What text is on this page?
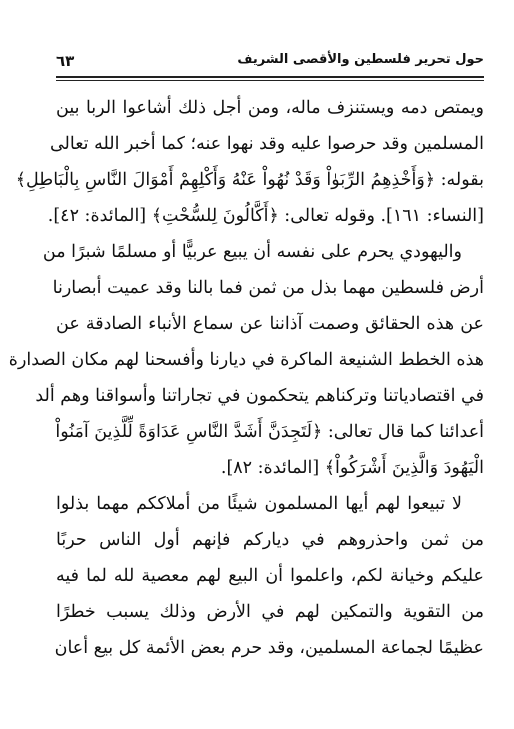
٦٣	حول تحرير فلسطين والأقصى الشريف
ويمتص دمه ويستنزف ماله، ومن أجل ذلك أشاعوا الربا بين
المسلمين وقد حرصوا عليه وقد نهوا عنه؛ كما أخبر الله تعالى
بقوله: ﴿وَأَخْذِهِمُ الرِّبَوٰاْ وَقَدْ نُهُواْ عَنْهُ وَأَكْلِهِمْ أَمْوَالَ النَّاسِ بِالْبَاطِلِ﴾
[النساء: ١٦١]. وقوله تعالى: ﴿أَكَّالُونَ لِلسُّحْتِ﴾ [المائدة: ٤٢].
واليهودي يحرم على نفسه أن يبيع عربيًّا أو مسلمًا شبرًا من
أرض فلسطين مهما بذل من ثمن فما بالنا وقد عميت أبصارنا
عن هذه الحقائق وصمت آذاننا عن سماع الأنباء الصادقة عن
هذه الخطط الشنيعة الماكرة في ديارنا وأفسحنا لهم مكان الصدارة
في اقتصادياتنا وتركناهم يتحكمون في تجاراتنا وأسواقنا وهم ألد
أعدائنا كما قال تعالى: ﴿لَتَجِدَنَّ أَشَدَّ النَّاسِ عَدَاوَةً لِّلَّذِينَ آمَنُواْ
الْيَهُودَ وَالَّذِينَ أَشْرَكُواْ﴾ [المائدة: ٨٢].
لا تبيعوا لهم أيها المسلمون شيئًا من أملاككم مهما بذلوا
من ثمن واحذروهم في دياركم فإنهم أول الناس حربًا
عليكم وخيانة لكم، واعلموا أن البيع لهم معصية لله لما فيه
من التقوية والتمكين لهم في الأرض وذلك يسبب خطرًا
عظيمًا لجماعة المسلمين، وقد حرم بعض الأئمة كل بيع أعان
